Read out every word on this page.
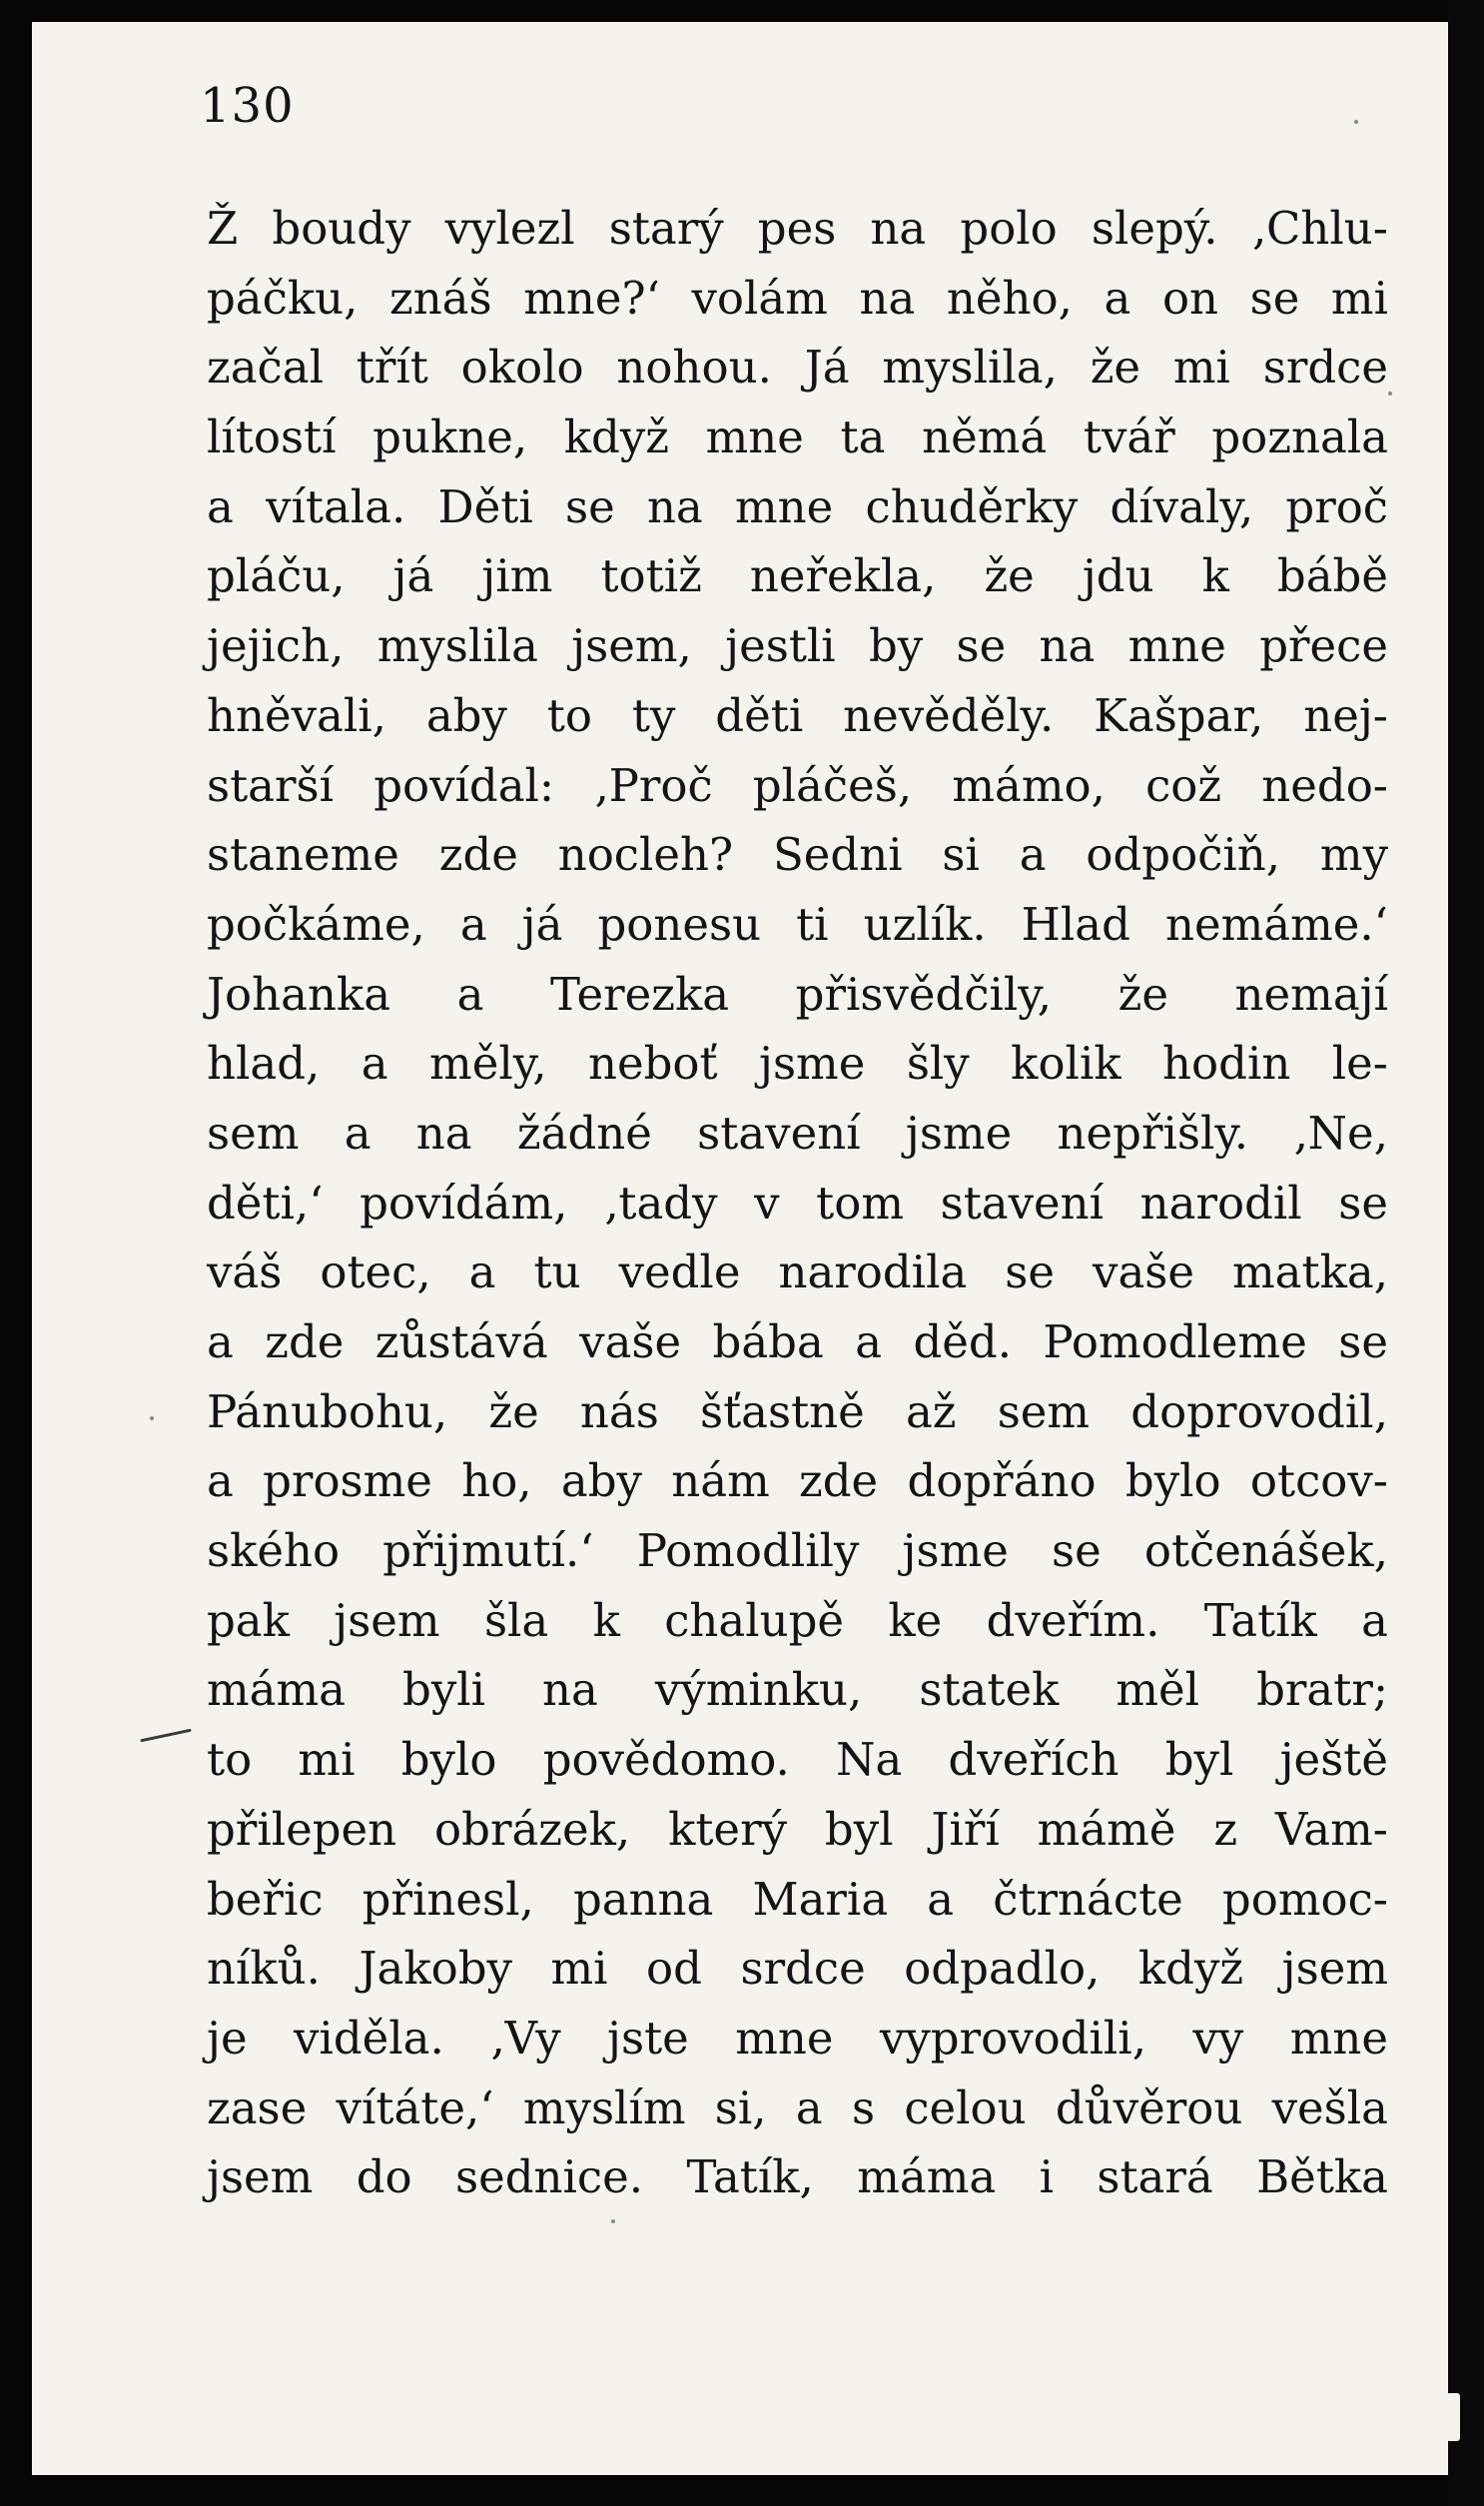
130
Ž boudy vylezl starý pes na polo slepý. ‚Chlu-
páčku, znáš mne?‘ volám na něho, a on se mi
začal třít okolo nohou. Já myslila, že mi srdce
lítostí pukne, když mne ta němá tvář poznala
a vítala. Děti se na mne chuděrky dívaly, proč
pláču, já jim totiž neřekla, že jdu k bábě
jejich, myslila jsem, jestli by se na mne přece
hněvali, aby to ty děti nevěděly. Kašpar, nej-
starší povídal: ‚Proč pláčeš, mámo, což nedo-
staneme zde nocleh? Sedni si a odpočiň, my
počkáme, a já ponesu ti uzlík. Hlad nemáme.‘
Johanka a Terezka přisvědčily, že nemají
hlad, a měly, neboť jsme šly kolik hodin le-
sem a na žádné stavení jsme nepřišly. ‚Ne,
děti,‘ povídám, ‚tady v tom stavení narodil se
váš otec, a tu vedle narodila se vaše matka,
a zde zůstává vaše bába a děd. Pomodleme se
Pánubohu, že nás šťastně až sem doprovodil,
a prosme ho, aby nám zde dopřáno bylo otcov-
ského přijmutí.‘ Pomodlily jsme se otčenášek,
pak jsem šla k chalupě ke dveřím. Tatík a
máma byli na výminku, statek měl bratr;
to mi bylo povědomo. Na dveřích byl ještě
přilepen obrázek, který byl Jiří mámě z Vam-
beřic přinesl, panna Maria a čtrnácte pomoc-
níků. Jakoby mi od srdce odpadlo, když jsem
je viděla. ‚Vy jste mne vyprovodili, vy mne
zase vítáte,‘ myslím si, a s celou důvěrou vešla
jsem do sednice. Tatík, máma i stará Bětka
